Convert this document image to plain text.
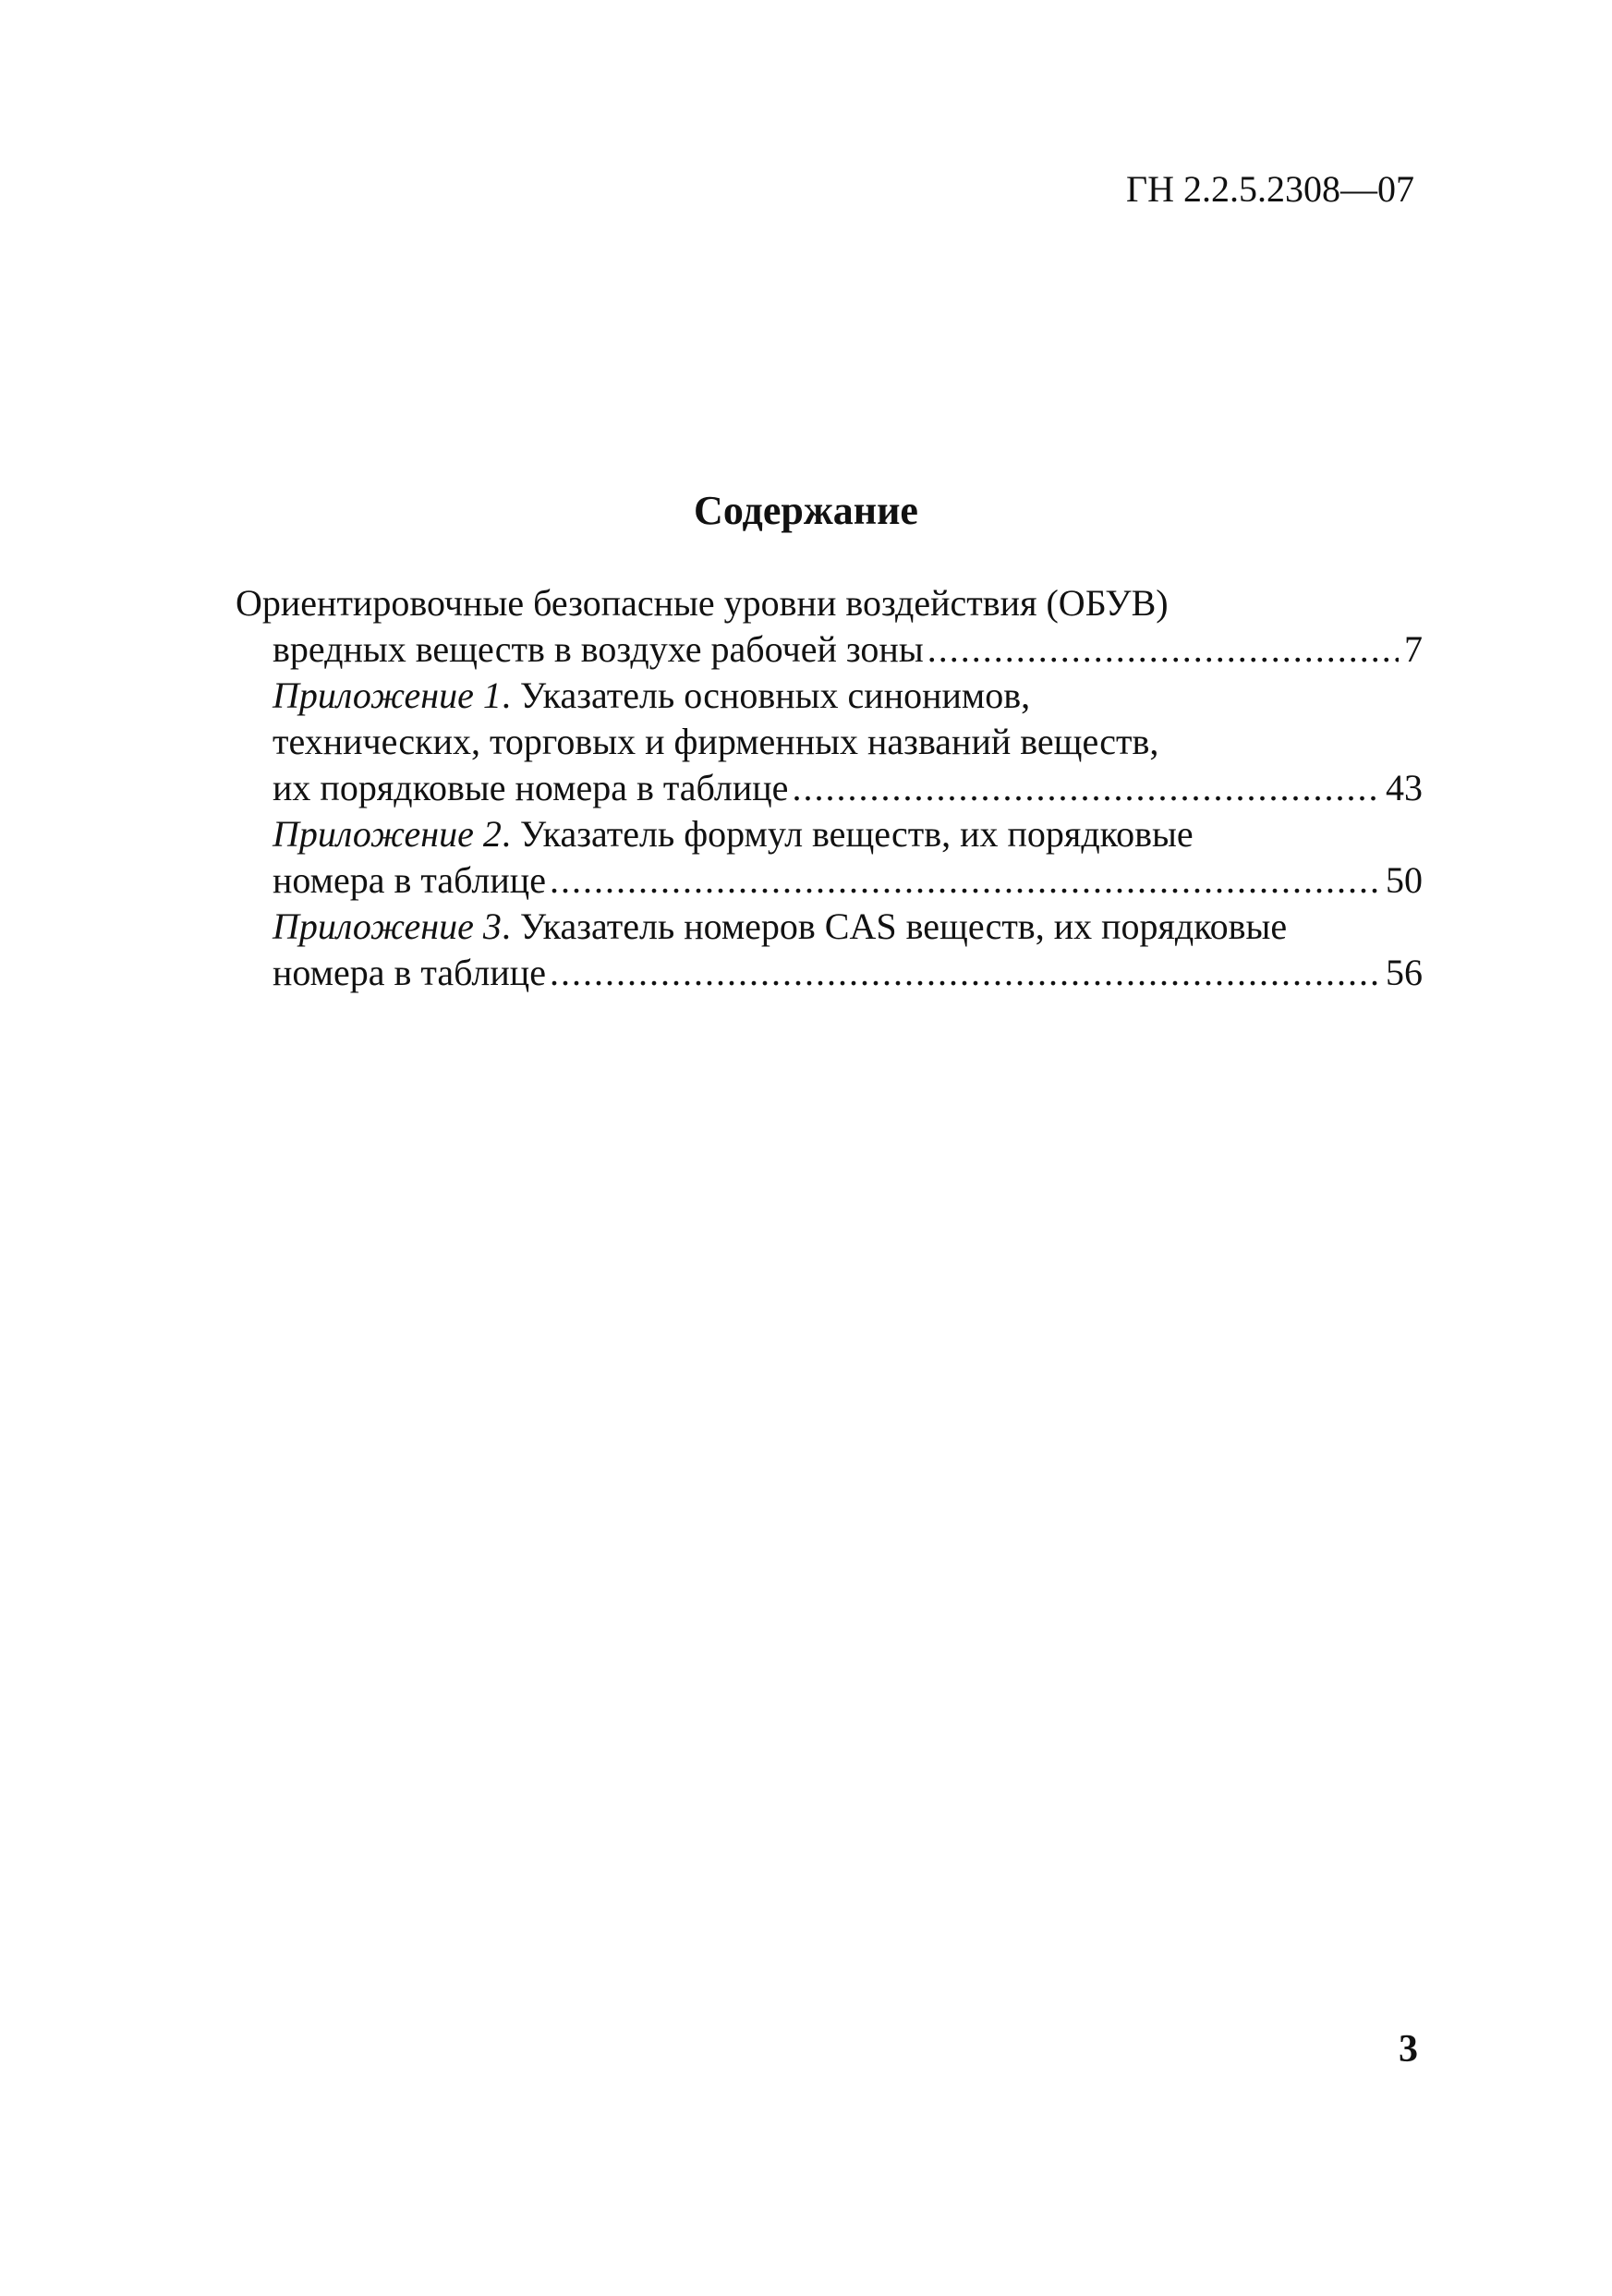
ГН 2.2.5.2308—07
Содержание
Ориентировочные безопасные уровни воздействия (ОБУВ)
вредных веществ в воздухе рабочей зоны .....	7
Приложение 1. Указатель основных синонимов,
технических, торговых и фирменных названий веществ,
их порядковые номера в таблице .....	43
Приложение 2. Указатель формул веществ, их порядковые
номера в таблице .....	50
Приложение 3. Указатель номеров CAS веществ, их порядковые
номера в таблице .....	56
3
